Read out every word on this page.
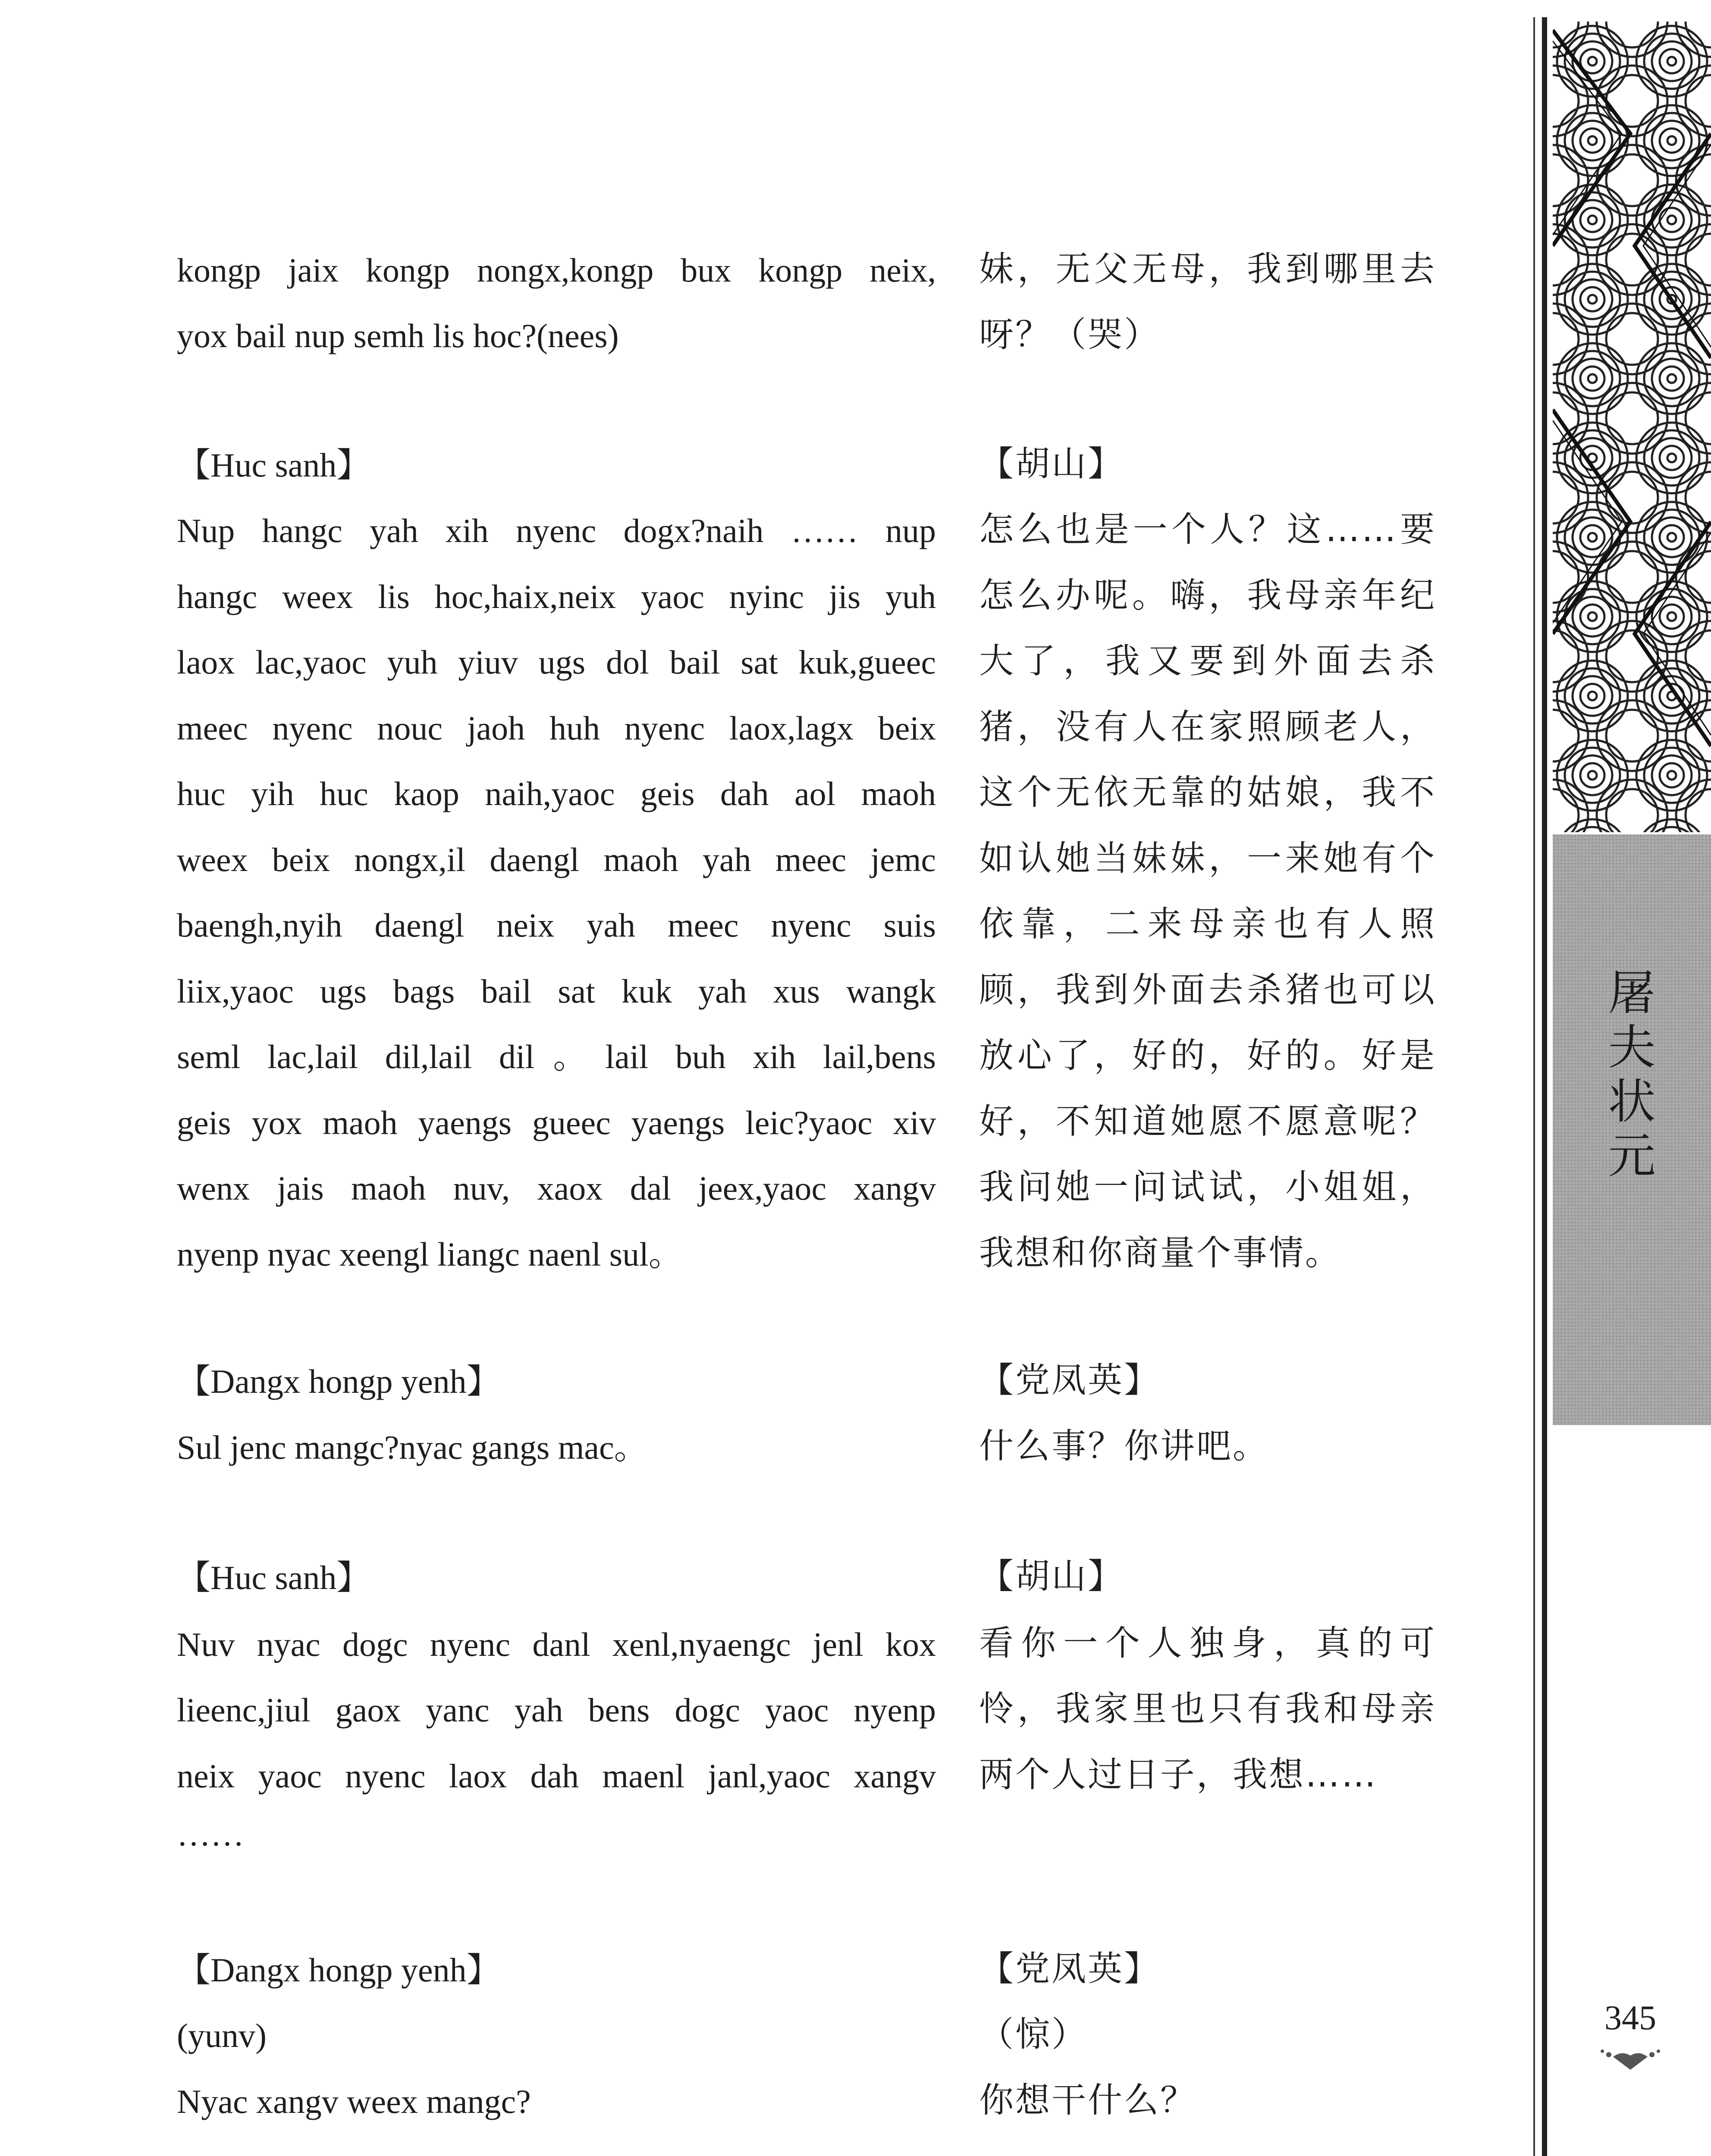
kongp jaix kongp nongx,kongp bux kongp neix,
yox bail nup semh lis hoc?(nees)
【Huc sanh】
Nup hangc yah xih nyenc dogx?naih …… nup
hangc weex lis hoc,haix,neix yaoc nyinc jis yuh
laox lac,yaoc yuh yiuv ugs dol bail sat kuk,gueec
meec nyenc nouc jaoh huh nyenc laox,lagx beix
huc yih huc kaop naih,yaoc geis dah aol maoh
weex beix nongx,il daengl maoh yah meec jemc
baengh,nyih daengl neix yah meec nyenc suis
liix,yaoc ugs bags bail sat kuk yah xus wangk
seml lac,lail dil,lail dil。lail buh xih lail,bens
geis yox maoh yaengs gueec yaengs leic?yaoc xiv
wenx jais maoh nuv, xaox dal jeex,yaoc xangv
nyenp nyac xeengl liangc naenl sul。
【Dangx hongp yenh】
Sul jenc mangc?nyac gangs mac。
【Huc sanh】
Nuv nyac dogc nyenc danl xenl,nyaengc jenl kox
lieenc,jiul gaox yanc yah bens dogc yaoc nyenp
neix yaoc nyenc laox dah maenl janl,yaoc xangv
……
【Dangx hongp yenh】
(yunv)
Nyac xangv weex mangc?
妹，无父无母，我到哪里去
呀？（哭）
【胡山】
怎么也是一个人？这……要
怎么办呢。嗨，我母亲年纪
大了，我又要到外面去杀
猪，没有人在家照顾老人，
这个无依无靠的姑娘，我不
如认她当妹妹，一来她有个
依靠，二来母亲也有人照
顾，我到外面去杀猪也可以
放心了，好的，好的。好是
好，不知道她愿不愿意呢？
我问她一问试试，小姐姐，
我想和你商量个事情。
【党凤英】
什么事？你讲吧。
【胡山】
看你一个人独身，真的可
怜，我家里也只有我和母亲
两个人过日子，我想……
【党凤英】
（惊）
你想干什么？
屠
夫
状
元
345
